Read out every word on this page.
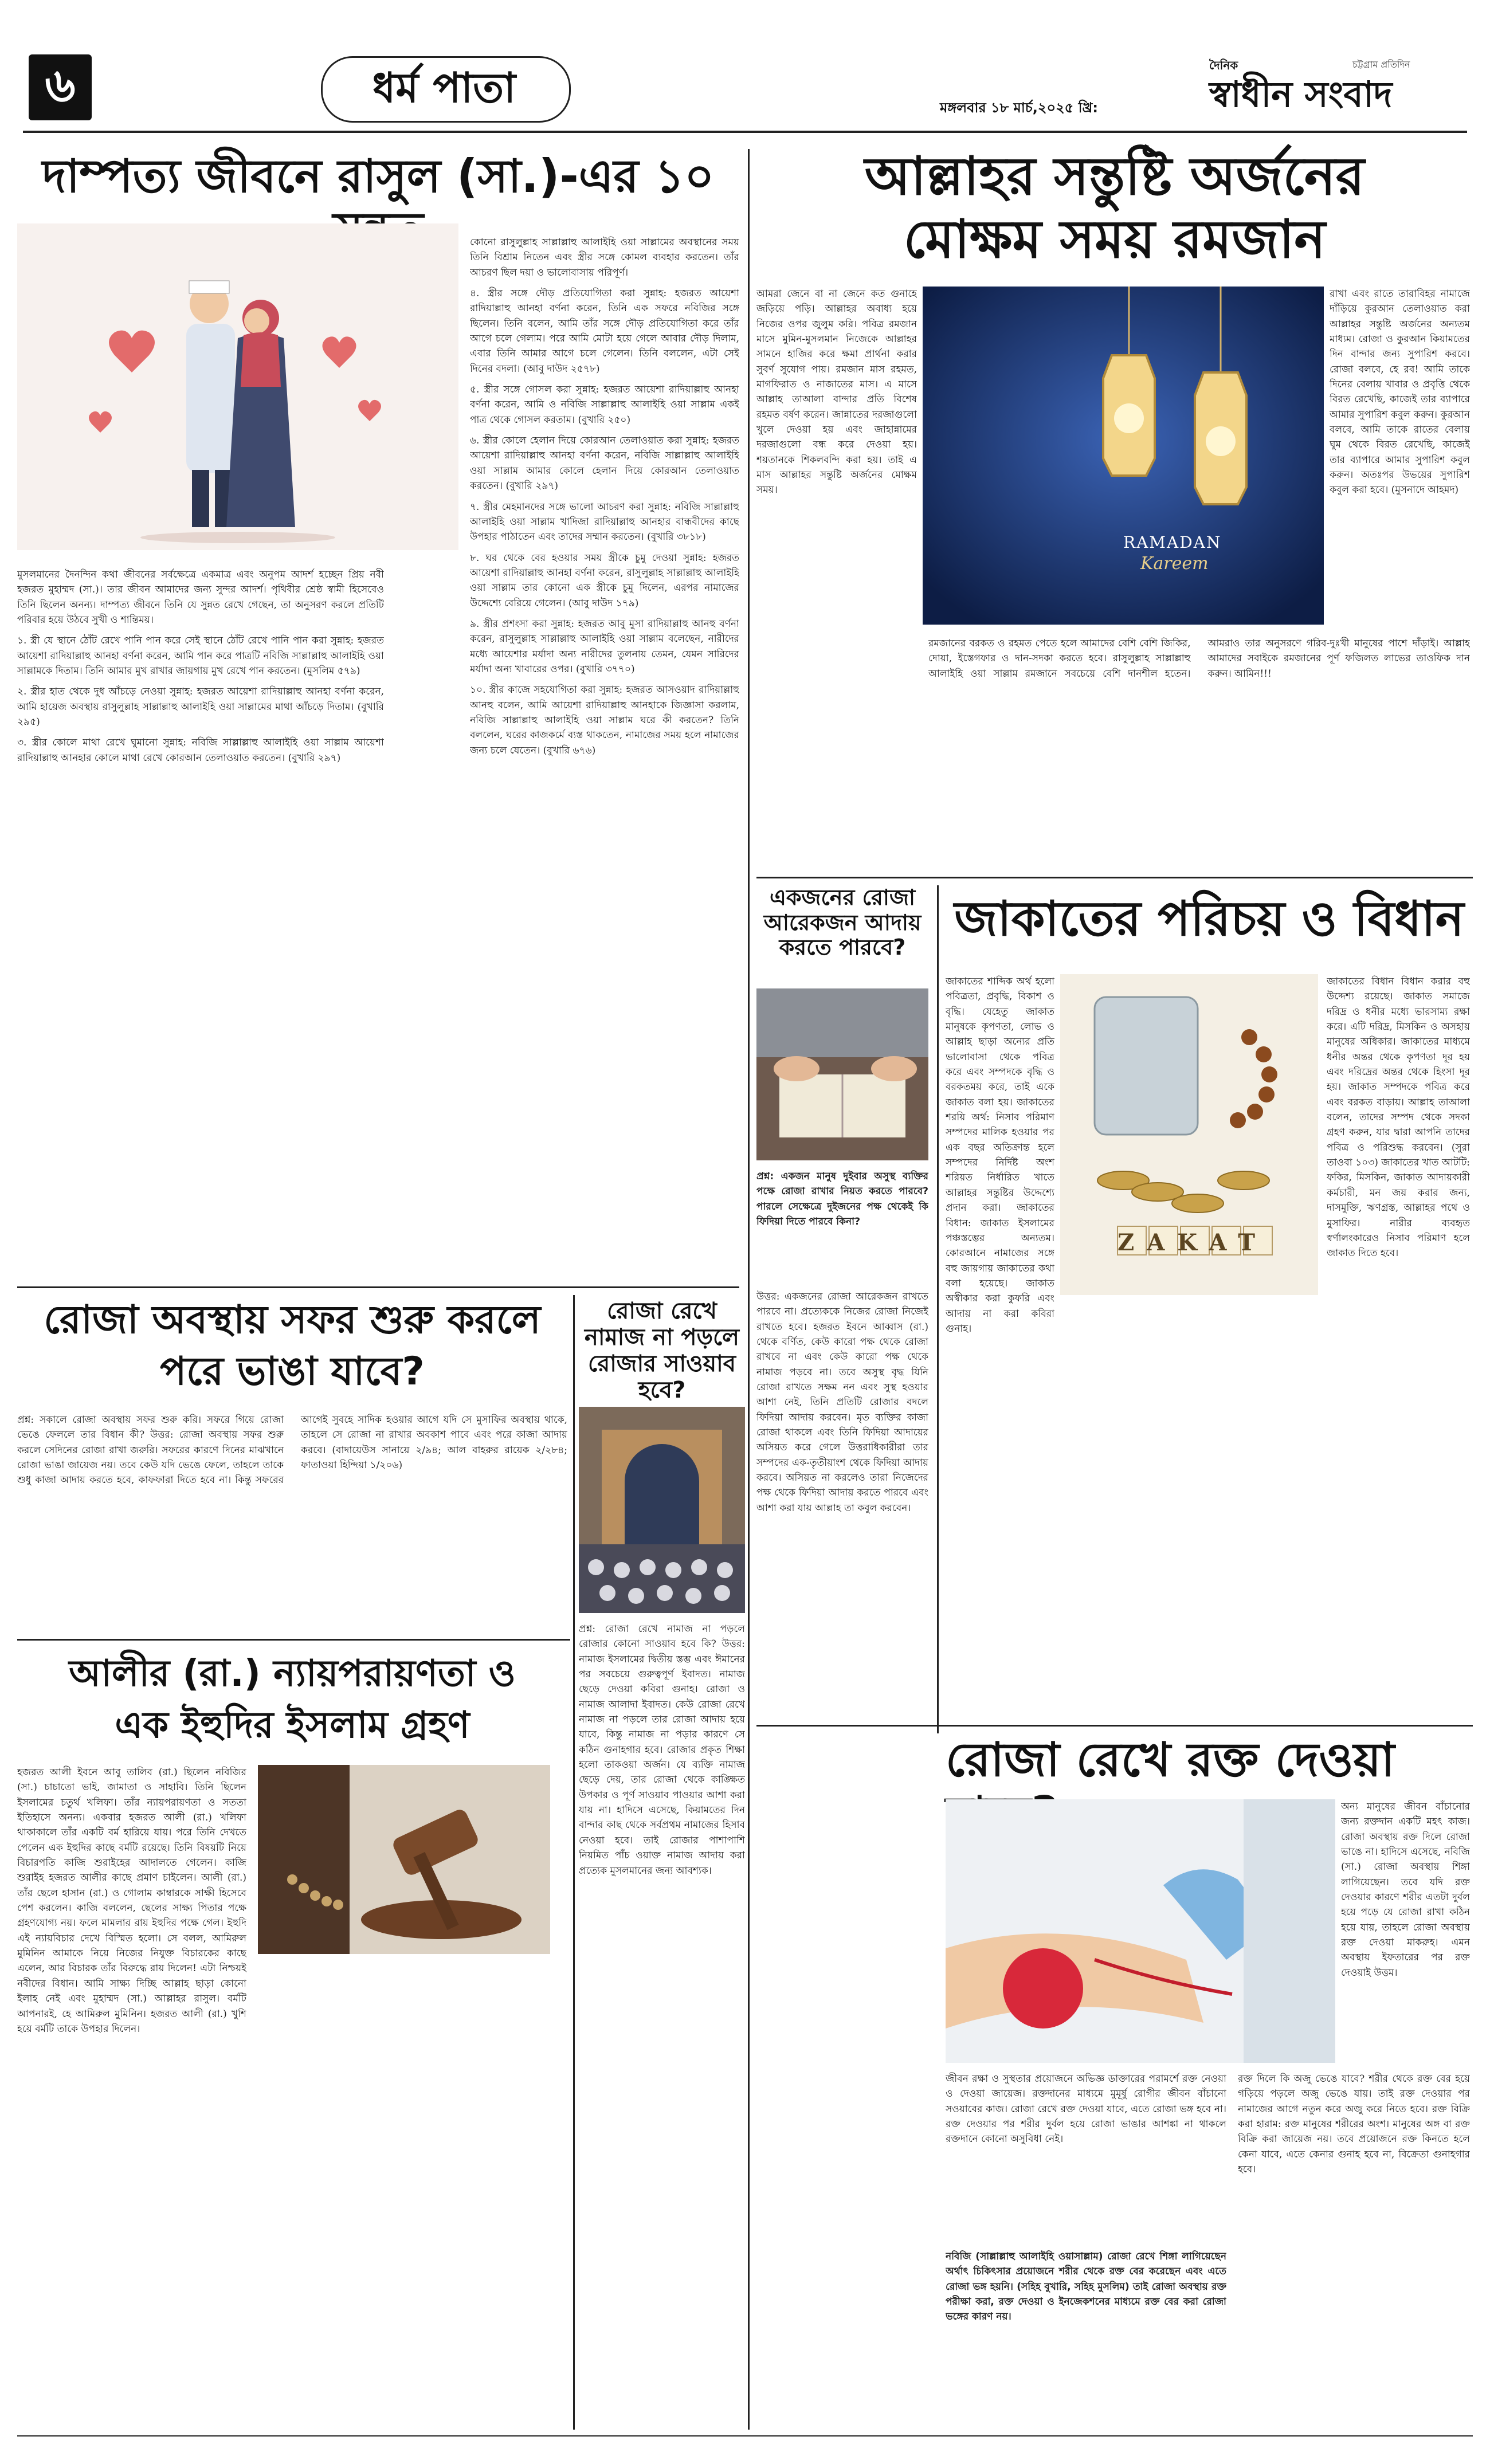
৬	ধর্ম পাতা	মঙ্গলবার ১৮ মার্চ,২০২৫ খ্রি:
দৈনিক	চট্টগ্রাম প্রতিদিন
স্বাধীন সংবাদ
দাম্পত্য জীবনে রাসুল (সা.)-এর ১০

কোনো রাসুলুল্লাহ সাল্লাল্লাহু আলাইহি ওয়া সাল্লামের অবস্থানের সময় তিনি বিশ্রাম নিতেন এবং স্ত্রীর সঙ্গে কোমল ব্যবহার করতেন। তাঁর আচরণ ছিল দয়া ও ভালোবাসায় পরিপূর্ণ।

৪. স্ত্রীর সঙ্গে দৌড় প্রতিযোগিতা করা সুন্নাহ: হজরত আয়েশা রাদিয়াল্লাহু আনহা বর্ণনা করেন, তিনি এক সফরে নবিজির সঙ্গে ছিলেন। তিনি বলেন, আমি তাঁর সঙ্গে দৌড় প্রতিযোগিতা করে তাঁর আগে চলে গেলাম। পরে আমি মোটা হয়ে গেলে আবার দৌড় দিলাম, এবার তিনি আমার আগে চলে গেলেন। তিনি বললেন, এটা সেই দিনের বদলা। (আবু দাউদ ২৫৭৮)

৫. স্ত্রীর সঙ্গে গোসল করা সুন্নাহ: হজরত আয়েশা রাদিয়াল্লাহু আনহা বর্ণনা করেন, আমি ও নবিজি সাল্লাল্লাহু আলাইহি ওয়া সাল্লাম একই পাত্র থেকে গোসল করতাম। (বুখারি ২৫০)

৬. স্ত্রীর কোলে হেলান দিয়ে কোরআন তেলাওয়াত করা সুন্নাহ: হজরত আয়েশা রাদিয়াল্লাহু আনহা বর্ণনা করেন, নবিজি সাল্লাল্লাহু আলাইহি ওয়া সাল্লাম আমার কোলে হেলান দিয়ে কোরআন তেলাওয়াত করতেন। (বুখারি ২৯৭)

৭. স্ত্রীর মেহমানদের সঙ্গে ভালো আচরণ করা সুন্নাহ: নবিজি সাল্লাল্লাহু আলাইহি ওয়া সাল্লাম খাদিজা রাদিয়াল্লাহু আনহার বান্ধবীদের কাছে উপহার পাঠাতেন এবং তাদের সম্মান করতেন। (বুখারি ৩৮১৮)

৮. ঘর থেকে বের হওয়ার সময় স্ত্রীকে চুমু দেওয়া সুন্নাহ: হজরত আয়েশা রাদিয়াল্লাহু আনহা বর্ণনা করেন, রাসুলুল্লাহ সাল্লাল্লাহু আলাইহি ওয়া সাল্লাম তার কোনো এক স্ত্রীকে চুমু দিলেন, এরপর নামাজের উদ্দেশ্যে বেরিয়ে গেলেন। (আবু দাউদ ১৭৯)

৯. স্ত্রীর প্রশংসা করা সুন্নাহ: হজরত আবু মুসা রাদিয়াল্লাহু আনহু বর্ণনা করেন, রাসুলুল্লাহ সাল্লাল্লাহু আলাইহি ওয়া সাল্লাম বলেছেন, নারীদের মধ্যে আয়েশার মর্যাদা অন্য নারীদের তুলনায় তেমন, যেমন সারিদের মর্যাদা অন্য খাবারের ওপর। (বুখারি ৩৭৭০)

১০. স্ত্রীর কাজে সহযোগিতা করা সুন্নাহ: হজরত আসওয়াদ রাদিয়াল্লাহু আনহু বলেন, আমি আয়েশা রাদিয়াল্লাহু আনহাকে জিজ্ঞাসা করলাম, নবিজি সাল্লাল্লাহু আলাইহি ওয়া সাল্লাম ঘরে কী করতেন? তিনি বললেন, ঘরের কাজকর্মে ব্যস্ত থাকতেন, নামাজের সময় হলে নামাজের জন্য চলে যেতেন। (বুখারি ৬৭৬)

মুসলমানের দৈনন্দিন কথা জীবনের সর্বক্ষেত্রে একমাত্র এবং অনুপম আদর্শ হচ্ছেন প্রিয় নবী হজরত মুহাম্মদ (সা.)। তার জীবন আমাদের জন্য সুন্দর আদর্শ। পৃথিবীর শ্রেষ্ঠ স্বামী হিসেবেও তিনি ছিলেন অনন্য। দাম্পত্য জীবনে তিনি যে সুন্নত রেখে গেছেন, তা অনুসরণ করলে প্রতিটি পরিবার হয়ে উঠবে সুখী ও শান্তিময়।

১. স্ত্রী যে স্থানে ঠোঁট রেখে পানি পান করে সেই স্থানে ঠোঁট রেখে পানি পান করা সুন্নাহ: হজরত আয়েশা রাদিয়াল্লাহু আনহা বর্ণনা করেন, আমি পান করে পাত্রটি নবিজি সাল্লাল্লাহু আলাইহি ওয়া সাল্লামকে দিতাম। তিনি আমার মুখ রাখার জায়গায় মুখ রেখে পান করতেন। (মুসলিম ৫৭৯)

২. স্ত্রীর হাত থেকে দুধ আঁচড়ে নেওয়া সুন্নাহ: হজরত আয়েশা রাদিয়াল্লাহু আনহা বর্ণনা করেন, আমি হায়েজ অবস্থায় রাসুলুল্লাহ সাল্লাল্লাহু আলাইহি ওয়া সাল্লামের মাথা আঁচড়ে দিতাম। (বুখারি ২৯৫)

৩. স্ত্রীর কোলে মাথা রেখে ঘুমানো সুন্নাহ: নবিজি সাল্লাল্লাহু আলাইহি ওয়া সাল্লাম আয়েশা রাদিয়াল্লাহু আনহার কোলে মাথা রেখে কোরআন তেলাওয়াত করতেন। (বুখারি ২৯৭)

আল্লাহর সন্তুষ্টি অর্জনের
মোক্ষম সময় রমজান
RAMADAN
Kareem
আমরা জেনে বা না জেনে কত গুনাহে জড়িয়ে পড়ি। আল্লাহর অবাধ্য হয়ে নিজের ওপর জুলুম করি। পবিত্র রমজান মাসে মুমিন-মুসলমান নিজেকে আল্লাহর সামনে হাজির করে ক্ষমা প্রার্থনা করার সুবর্ণ সুযোগ পায়। রমজান মাস রহমত, মাগফিরাত ও নাজাতের মাস। এ মাসে আল্লাহ তাআলা বান্দার প্রতি বিশেষ রহমত বর্ষণ করেন। জান্নাতের দরজাগুলো খুলে দেওয়া হয় এবং জাহান্নামের দরজাগুলো বন্ধ করে দেওয়া হয়। শয়তানকে শিকলবন্দি করা হয়। তাই এ মাস আল্লাহর সন্তুষ্টি অর্জনের মোক্ষম সময়।
রাখা এবং রাতে তারাবিহর নামাজে দাঁড়িয়ে কুরআন তেলাওয়াত করা আল্লাহর সন্তুষ্টি অর্জনের অন্যতম মাধ্যম। রোজা ও কুরআন কিয়ামতের দিন বান্দার জন্য সুপারিশ করবে। রোজা বলবে, হে রব! আমি তাকে দিনের বেলায় খাবার ও প্রবৃত্তি থেকে বিরত রেখেছি, কাজেই তার ব্যাপারে আমার সুপারিশ কবুল করুন। কুরআন বলবে, আমি তাকে রাতের বেলায় ঘুম থেকে বিরত রেখেছি, কাজেই তার ব্যাপারে আমার সুপারিশ কবুল করুন। অতঃপর উভয়ের সুপারিশ কবুল করা হবে। (মুসনাদে আহমদ)
রমজানের বরকত ও রহমত পেতে হলে আমাদের বেশি বেশি জিকির, দোয়া, ইস্তেগফার ও দান-সদকা করতে হবে। রাসুলুল্লাহ সাল্লাল্লাহু আলাইহি ওয়া সাল্লাম রমজানে সবচেয়ে বেশি দানশীল হতেন। আমরাও তার অনুসরণে গরিব-দুঃখী মানুষের পাশে দাঁড়াই। আল্লাহ আমাদের সবাইকে রমজানের পূর্ণ ফজিলত লাভের তাওফিক দান করুন। আমিন!!!
একজনের রোজা আরেকজন আদায় করতে পারবে?
প্রশ্ন: একজন মানুষ দুইবার অসুস্থ ব্যক্তির পক্ষে রোজা রাখার নিয়ত করতে পারবে? পারলে সেক্ষেত্রে দুইজনের পক্ষ থেকেই কি ফিদিয়া দিতে পারবে কিনা?
উত্তর: একজনের রোজা আরেকজন রাখতে পারবে না। প্রত্যেককে নিজের রোজা নিজেই রাখতে হবে। হজরত ইবনে আব্বাস (রা.) থেকে বর্ণিত, কেউ কারো পক্ষ থেকে রোজা রাখবে না এবং কেউ কারো পক্ষ থেকে নামাজ পড়বে না। তবে অসুস্থ বৃদ্ধ যিনি রোজা রাখতে সক্ষম নন এবং সুস্থ হওয়ার আশা নেই, তিনি প্রতিটি রোজার বদলে ফিদিয়া আদায় করবেন। মৃত ব্যক্তির কাজা রোজা থাকলে এবং তিনি ফিদিয়া আদায়ের অসিয়ত করে গেলে উত্তরাধিকারীরা তার সম্পদের এক-তৃতীয়াংশ থেকে ফিদিয়া আদায় করবে। অসিয়ত না করলেও তারা নিজেদের পক্ষ থেকে ফিদিয়া আদায় করতে পারবে এবং আশা করা যায় আল্লাহ তা কবুল করবেন।
জাকাতের পরিচয় ও বিধান
ZAKAT
জাকাতের শাব্দিক অর্থ হলো পবিত্রতা, প্রবৃদ্ধি, বিকাশ ও বৃদ্ধি। যেহেতু জাকাত মানুষকে কৃপণতা, লোভ ও আল্লাহ ছাড়া অন্যের প্রতি ভালোবাসা থেকে পবিত্র করে এবং সম্পদকে বৃদ্ধি ও বরকতময় করে, তাই একে জাকাত বলা হয়। জাকাতের শরয়ি অর্থ: নিসাব পরিমাণ সম্পদের মালিক হওয়ার পর এক বছর অতিক্রান্ত হলে সম্পদের নির্দিষ্ট অংশ শরিয়ত নির্ধারিত খাতে আল্লাহর সন্তুষ্টির উদ্দেশ্যে প্রদান করা। জাকাতের বিধান: জাকাত ইসলামের পঞ্চস্তম্ভের অন্যতম। কোরআনে নামাজের সঙ্গে বহু জায়গায় জাকাতের কথা বলা হয়েছে। জাকাত অস্বীকার করা কুফরি এবং আদায় না করা কবিরা গুনাহ।
জাকাতের বিধান বিধান করার বহু উদ্দেশ্য রয়েছে। জাকাত সমাজে দরিদ্র ও ধনীর মধ্যে ভারসাম্য রক্ষা করে। এটি দরিদ্র, মিসকিন ও অসহায় মানুষের অধিকার। জাকাতের মাধ্যমে ধনীর অন্তর থেকে কৃপণতা দূর হয় এবং দরিদ্রের অন্তর থেকে হিংসা দূর হয়। জাকাত সম্পদকে পবিত্র করে এবং বরকত বাড়ায়। আল্লাহ তাআলা বলেন, তাদের সম্পদ থেকে সদকা গ্রহণ করুন, যার দ্বারা আপনি তাদের পবিত্র ও পরিশুদ্ধ করবেন। (সুরা তাওবা ১০৩) জাকাতের খাত আটটি: ফকির, মিসকিন, জাকাত আদায়কারী কর্মচারী, মন জয় করার জন্য, দাসমুক্তি, ঋণগ্রস্ত, আল্লাহর পথে ও মুসাফির। নারীর ব্যবহৃত স্বর্ণালংকারেও নিসাব পরিমাণ হলে জাকাত দিতে হবে।
রোজা রেখে রক্ত দেওয়া
অন্য মানুষের জীবন বাঁচানোর জন্য রক্তদান একটি মহৎ কাজ। রোজা অবস্থায় রক্ত দিলে রোজা ভাঙে না। হাদিসে এসেছে, নবিজি (সা.) রোজা অবস্থায় শিঙ্গা লাগিয়েছেন। তবে যদি রক্ত দেওয়ার কারণে শরীর এতটা দুর্বল হয়ে পড়ে যে রোজা রাখা কঠিন হয়ে যায়, তাহলে রোজা অবস্থায় রক্ত দেওয়া মাকরুহ। এমন অবস্থায় ইফতারের পর রক্ত দেওয়াই উত্তম।
জীবন রক্ষা ও সুস্থতার প্রয়োজনে অভিজ্ঞ ডাক্তারের পরামর্শে রক্ত নেওয়া ও দেওয়া জায়েজ। রক্তদানের মাধ্যমে মুমূর্ষু রোগীর জীবন বাঁচানো সওয়াবের কাজ। রোজা রেখে রক্ত দেওয়া যাবে, এতে রোজা ভঙ্গ হবে না। রক্ত দেওয়ার পর শরীর দুর্বল হয়ে রোজা ভাঙার আশঙ্কা না থাকলে রক্তদানে কোনো অসুবিধা নেই।
নবিজি (সাল্লাল্লাহু আলাইহি ওয়াসাল্লাম) রোজা রেখে শিঙ্গা লাগিয়েছেন অর্থাৎ চিকিৎসার প্রয়োজনে শরীর থেকে রক্ত বের করেছেন এবং এতে রোজা ভঙ্গ হয়নি। (সহিহ বুখারি, সহিহ মুসলিম) তাই রোজা অবস্থায় রক্ত পরীক্ষা করা, রক্ত দেওয়া ও ইনজেকশনের মাধ্যমে রক্ত বের করা রোজা ভঙ্গের কারণ নয়।
রক্ত দিলে কি অজু ভেঙে যাবে? শরীর থেকে রক্ত বের হয়ে গড়িয়ে পড়লে অজু ভেঙে যায়। তাই রক্ত দেওয়ার পর নামাজের আগে নতুন করে অজু করে নিতে হবে। রক্ত বিক্রি করা হারাম: রক্ত মানুষের শরীরের অংশ। মানুষের অঙ্গ বা রক্ত বিক্রি করা জায়েজ নয়। তবে প্রয়োজনে রক্ত কিনতে হলে কেনা যাবে, এতে কেনার গুনাহ হবে না, বিক্রেতা গুনাহগার হবে।
রোজা অবস্থায় সফর শুরু করলে
পরে ভাঙা যাবে?
প্রশ্ন: সকালে রোজা অবস্থায় সফর শুরু করি। সফরে গিয়ে রোজা ভেঙে ফেললে তার বিধান কী? উত্তর: রোজা অবস্থায় সফর শুরু করলে সেদিনের রোজা রাখা জরুরি। সফরের কারণে দিনের মাঝখানে রোজা ভাঙা জায়েজ নয়। তবে কেউ যদি ভেঙে ফেলে, তাহলে তাকে শুধু কাজা আদায় করতে হবে, কাফফারা দিতে হবে না। কিন্তু সফরের আগেই সুবহে সাদিক হওয়ার আগে যদি সে মুসাফির অবস্থায় থাকে, তাহলে সে রোজা না রাখার অবকাশ পাবে এবং পরে কাজা আদায় করবে। (বাদায়েউস সানায়ে ২/৯৪; আল বাহরুর রায়েক ২/২৮৪; ফাতাওয়া হিন্দিয়া ১/২০৬)
রোজা রেখে নামাজ না পড়লে রোজার সাওয়াব হবে?
প্রশ্ন: রোজা রেখে নামাজ না পড়লে রোজার কোনো সাওয়াব হবে কি? উত্তর: নামাজ ইসলামের দ্বিতীয় স্তম্ভ এবং ঈমানের পর সবচেয়ে গুরুত্বপূর্ণ ইবাদত। নামাজ ছেড়ে দেওয়া কবিরা গুনাহ। রোজা ও নামাজ আলাদা ইবাদত। কেউ রোজা রেখে নামাজ না পড়লে তার রোজা আদায় হয়ে যাবে, কিন্তু নামাজ না পড়ার কারণে সে কঠিন গুনাহগার হবে। রোজার প্রকৃত শিক্ষা হলো তাকওয়া অর্জন। যে ব্যক্তি নামাজ ছেড়ে দেয়, তার রোজা থেকে কাঙ্ক্ষিত উপকার ও পূর্ণ সাওয়াব পাওয়ার আশা করা যায় না। হাদিসে এসেছে, কিয়ামতের দিন বান্দার কাছ থেকে সর্বপ্রথম নামাজের হিসাব নেওয়া হবে। তাই রোজার পাশাপাশি নিয়মিত পাঁচ ওয়াক্ত নামাজ আদায় করা প্রত্যেক মুসলমানের জন্য আবশ্যক।
আলীর (রা.) ন্যায়পরায়ণতা ও
এক ইহুদির ইসলাম গ্রহণ
হজরত আলী ইবনে আবু তালিব (রা.) ছিলেন নবিজির (সা.) চাচাতো ভাই, জামাতা ও সাহাবি। তিনি ছিলেন ইসলামের চতুর্থ খলিফা। তাঁর ন্যায়পরায়ণতা ও সততা ইতিহাসে অনন্য। একবার হজরত আলী (রা.) খলিফা থাকাকালে তাঁর একটি বর্ম হারিয়ে যায়। পরে তিনি দেখতে পেলেন এক ইহুদির কাছে বর্মটি রয়েছে। তিনি বিষয়টি নিয়ে বিচারপতি কাজি শুরাইহের আদালতে গেলেন। কাজি শুরাইহ হজরত আলীর কাছে প্রমাণ চাইলেন। আলী (রা.) তাঁর ছেলে হাসান (রা.) ও গোলাম কাম্বারকে সাক্ষী হিসেবে পেশ করলেন। কাজি বললেন, ছেলের সাক্ষ্য পিতার পক্ষে গ্রহণযোগ্য নয়। ফলে মামলার রায় ইহুদির পক্ষে গেল। ইহুদি এই ন্যায়বিচার দেখে বিস্মিত হলো। সে বলল, আমিরুল মুমিনিন আমাকে নিয়ে নিজের নিযুক্ত বিচারকের কাছে এলেন, আর বিচারক তাঁর বিরুদ্ধে রায় দিলেন! এটা নিশ্চয়ই নবীদের বিধান। আমি সাক্ষ্য দিচ্ছি আল্লাহ ছাড়া কোনো ইলাহ নেই এবং মুহাম্মদ (সা.) আল্লাহর রাসুল। বর্মটি আপনারই, হে আমিরুল মুমিনিন। হজরত আলী (রা.) খুশি হয়ে বর্মটি তাকে উপহার দিলেন।
